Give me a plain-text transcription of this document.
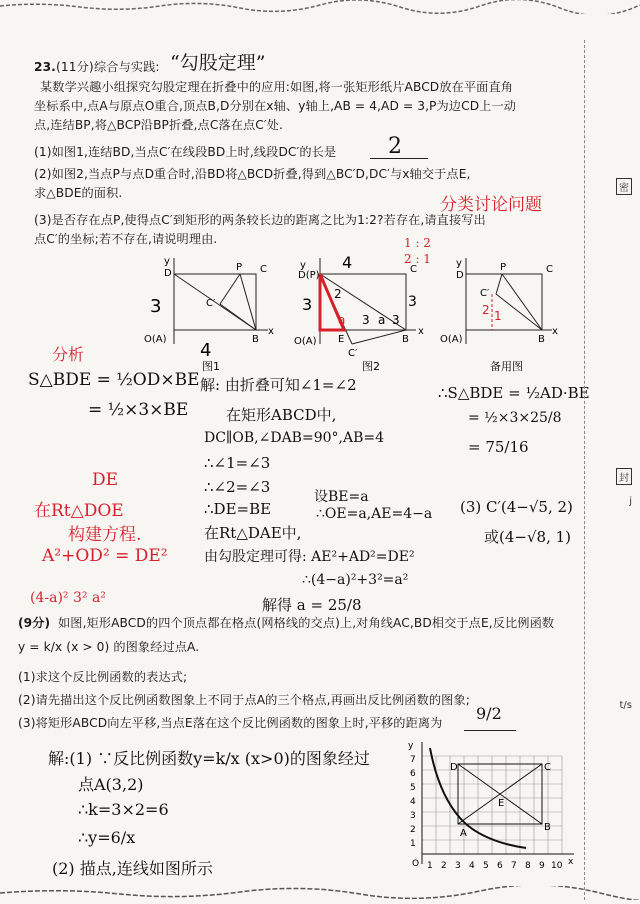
23. (11分) 综合与实践: “勾股定理”
某数学兴趣小组探究勾股定理在折叠中的应用:如图,将一张矩形纸片ABCD放在平面直角
坐标系中,点A与原点O重合,顶点B,D分别在x轴、y轴上,AB = 4,AD = 3,P为边CD上一动
点,连结BP,将△BCP沿BP折叠,点C落在点C′处.
(1)如图1,连结BD,当点C′在线段BD上时,线段DC′的长是 2
(2)如图2,当点P与点D重合时,沿BD将△BCD折叠,得到△BC′D,DC′与x轴交于点E,
求△BDE的面积.
(3)是否存在点P,使得点C′到矩形的两条较长边的距离之比为1:2?若存在,请直接写出
点C′的坐标;若不存在,请说明理由.
分类讨论问题
1 : 2
2 : 1
y
D	C
C′
P
O(A)	B
x
3
4
y
D(P)
C
E	B
O(A)
C′
x
4
3
2	3
a 3 a 3
y
D
P	C
C′
O(A)	B
x
2 1
图1	图2	备用图
分析
S△BDE = ½OD×BE
= ½×3×BE
DE
在Rt△DOE
构建方程.
A²+OD² = DE²
(4-a)² 3² a²
解: 由折叠可知∠1=∠2
在矩形ABCD中,
DC∥OB,∠DAB=90°,AB=4
∴∠1=∠3
∴∠2=∠3
∴DE=BE
设BE=a
∴OE=a,AE=4−a
在Rt△DAE中,
由勾股定理可得: AE²+AD²=DE²
∴(4−a)²+3²=a²
解得 a = 25/8
∴S△BDE = ½AD·BE
= ½×3×25/8
= 75/16
(3) C′(4−√5, 2)
或(4−√8, 1)
(9分) 如图,矩形ABCD的四个顶点都在格点(网格线的交点)上,对角线AC,BD相交于点E,反比例函数
y = k/x (x > 0) 的图象经过点A.
(1)求这个反比例函数的表达式;
(2)请先描出这个反比例函数图象上不同于点A的三个格点,再画出反比例函数的图象;
(3)将矩形ABCD向左平移,当点E落在这个反比例函数的图象上时,平移的距离为 9/2
解:(1) ∵反比例函数y=k/x (x>0)的图象经过
点A(3,2)
∴k=3×2=6
∴y=6/x
(2) 描点,连线如图所示
y
7
6
5
4
3
2
1
O 1 2 3 4 5 6 7 8 9 10 x
D	C
E
A
B
密
封
j
t/s
